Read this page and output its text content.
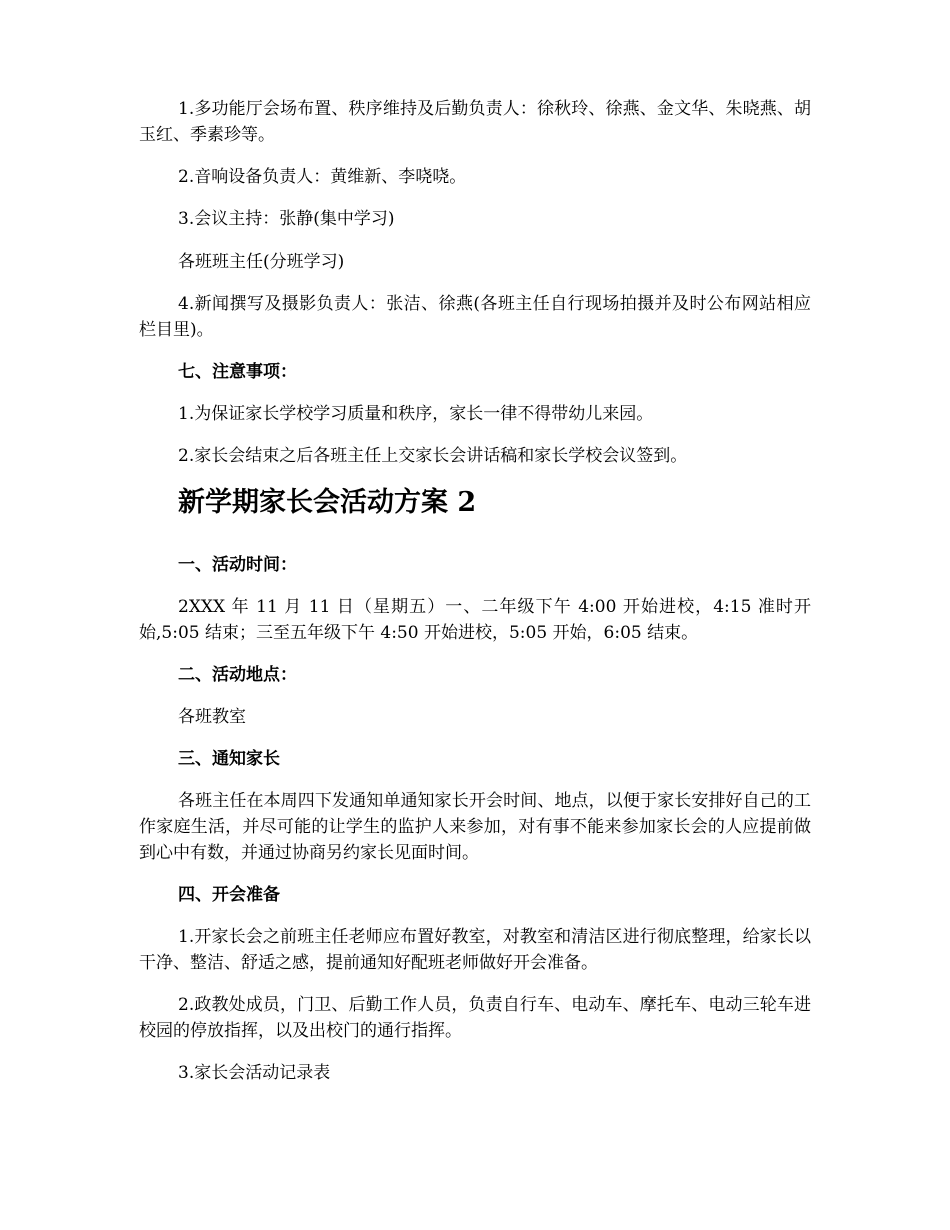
1.多功能厅会场布置、秩序维持及后勤负责人：徐秋玲、徐燕、金文华、朱晓燕、胡玉红、季素珍等。

2.音响设备负责人：黄维新、李哓哓。

3.会议主持：张静(集中学习)

各班班主任(分班学习)

4.新闻撰写及摄影负责人：张洁、徐燕(各班主任自行现场拍摄并及时公布网站相应栏目里)。

七、注意事项：

1.为保证家长学校学习质量和秩序，家长一律不得带幼儿来园。

2.家长会结束之后各班主任上交家长会讲话稿和家长学校会议签到。

新学期家长会活动方案 2

一、活动时间：

2XXX 年 11 月 11 日（星期五）一、二年级下午 4:00 开始进校，4:15 准时开始,5:05 结束；三至五年级下午 4:50 开始进校，5:05 开始，6:05 结束。

二、活动地点：

各班教室

三、通知家长

各班主任在本周四下发通知单通知家长开会时间、地点，以便于家长安排好自己的工作家庭生活，并尽可能的让学生的监护人来参加，对有事不能来参加家长会的人应提前做到心中有数，并通过协商另约家长见面时间。

四、开会准备

1.开家长会之前班主任老师应布置好教室，对教室和清洁区进行彻底整理，给家长以干净、整洁、舒适之感，提前通知好配班老师做好开会准备。

2.政教处成员，门卫、后勤工作人员，负责自行车、电动车、摩托车、电动三轮车进校园的停放指挥，以及出校门的通行指挥。

3.家长会活动记录表
